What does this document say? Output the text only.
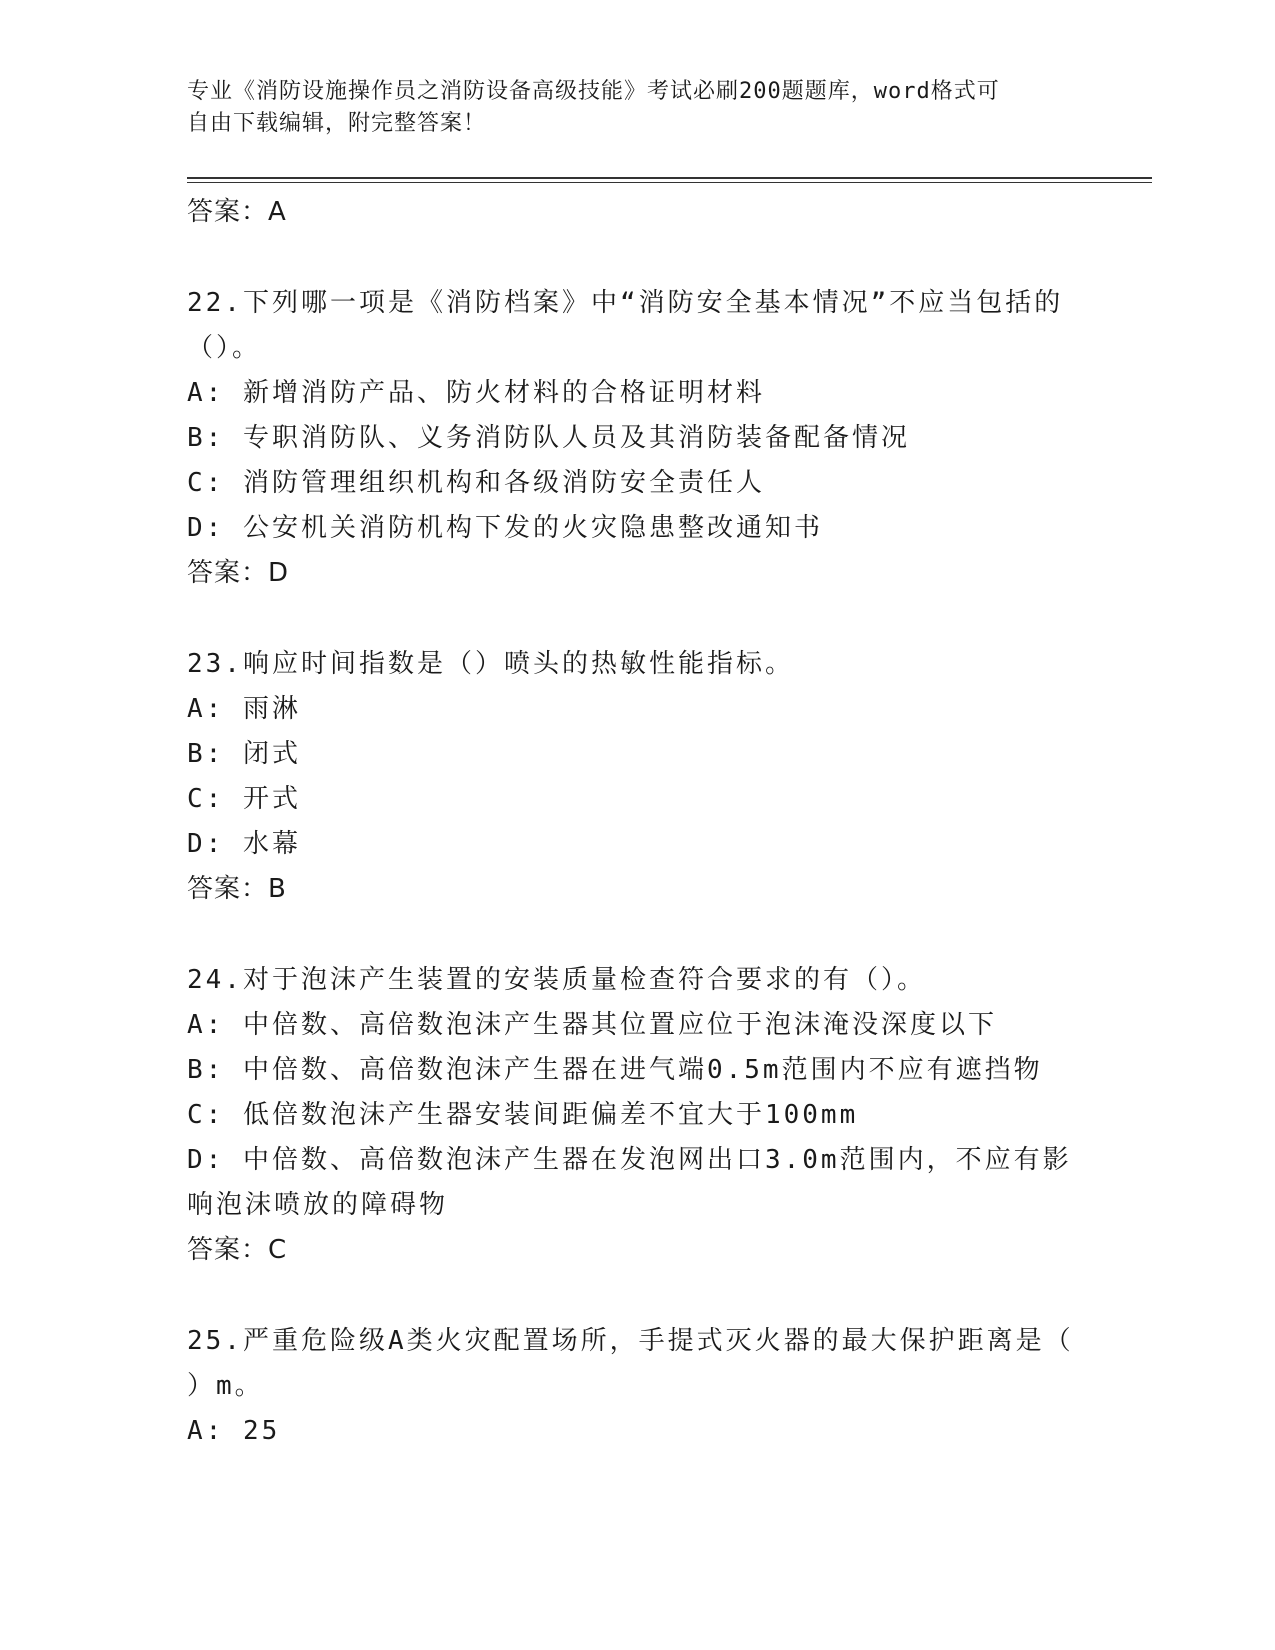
专业《消防设施操作员之消防设备高级技能》考试必刷200题题库，word格式可
自由下载编辑，附完整答案！
答案：A
22.下列哪一项是《消防档案》中“消防安全基本情况”不应当包括的
（）。
A: 新增消防产品、防火材料的合格证明材料
B: 专职消防队、义务消防队人员及其消防装备配备情况
C: 消防管理组织机构和各级消防安全责任人
D: 公安机关消防机构下发的火灾隐患整改通知书
答案：D
23.响应时间指数是（）喷头的热敏性能指标。
A: 雨淋
B: 闭式
C: 开式
D: 水幕
答案：B
24.对于泡沫产生装置的安装质量检查符合要求的有（）。
A: 中倍数、高倍数泡沫产生器其位置应位于泡沫淹没深度以下
B: 中倍数、高倍数泡沫产生器在进气端0.5m范围内不应有遮挡物
C: 低倍数泡沫产生器安装间距偏差不宜大于100mm
D: 中倍数、高倍数泡沫产生器在发泡网出口3.0m范围内，不应有影
响泡沫喷放的障碍物
答案：C
25.严重危险级A类火灾配置场所，手提式灭火器的最大保护距离是（
）m。
A: 25
